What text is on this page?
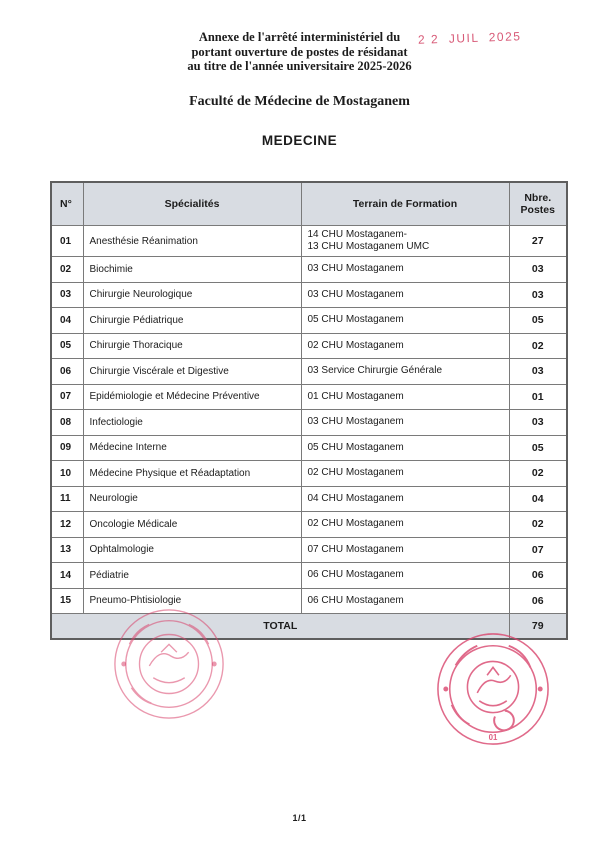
Annexe de l'arrêté interministériel du
portant ouverture de postes de résidanat
au titre de l'année universitaire 2025-2026
Faculté de Médecine de Mostaganem
MEDECINE
2 2  JUIL  2025
N°	Spécialités	Terrain de Formation	Nbre.
Postes

01	Anesthésie Réanimation	14 CHU Mostaganem-
13 CHU Mostaganem UMC	27
02	Biochimie	03 CHU Mostaganem	03
03	Chirurgie Neurologique	03 CHU Mostaganem	03
04	Chirurgie Pédiatrique	05 CHU Mostaganem	05
05	Chirurgie Thoracique	02 CHU Mostaganem	02
06	Chirurgie Viscérale et Digestive	03 Service Chirurgie Générale	03
07	Epidémiologie et Médecine Préventive	01 CHU Mostaganem	01
08	Infectiologie	03 CHU Mostaganem	03
09	Médecine Interne	05 CHU Mostaganem	05
10	Médecine Physique et Réadaptation	02 CHU Mostaganem	02
11	Neurologie	04 CHU Mostaganem	04
12	Oncologie Médicale	02 CHU Mostaganem	02
13	Ophtalmologie	07 CHU Mostaganem	07
14	Pédiatrie	06 CHU Mostaganem	06
15	Pneumo-Phtisiologie	06 CHU Mostaganem	06
TOTAL			79
01
1/1
